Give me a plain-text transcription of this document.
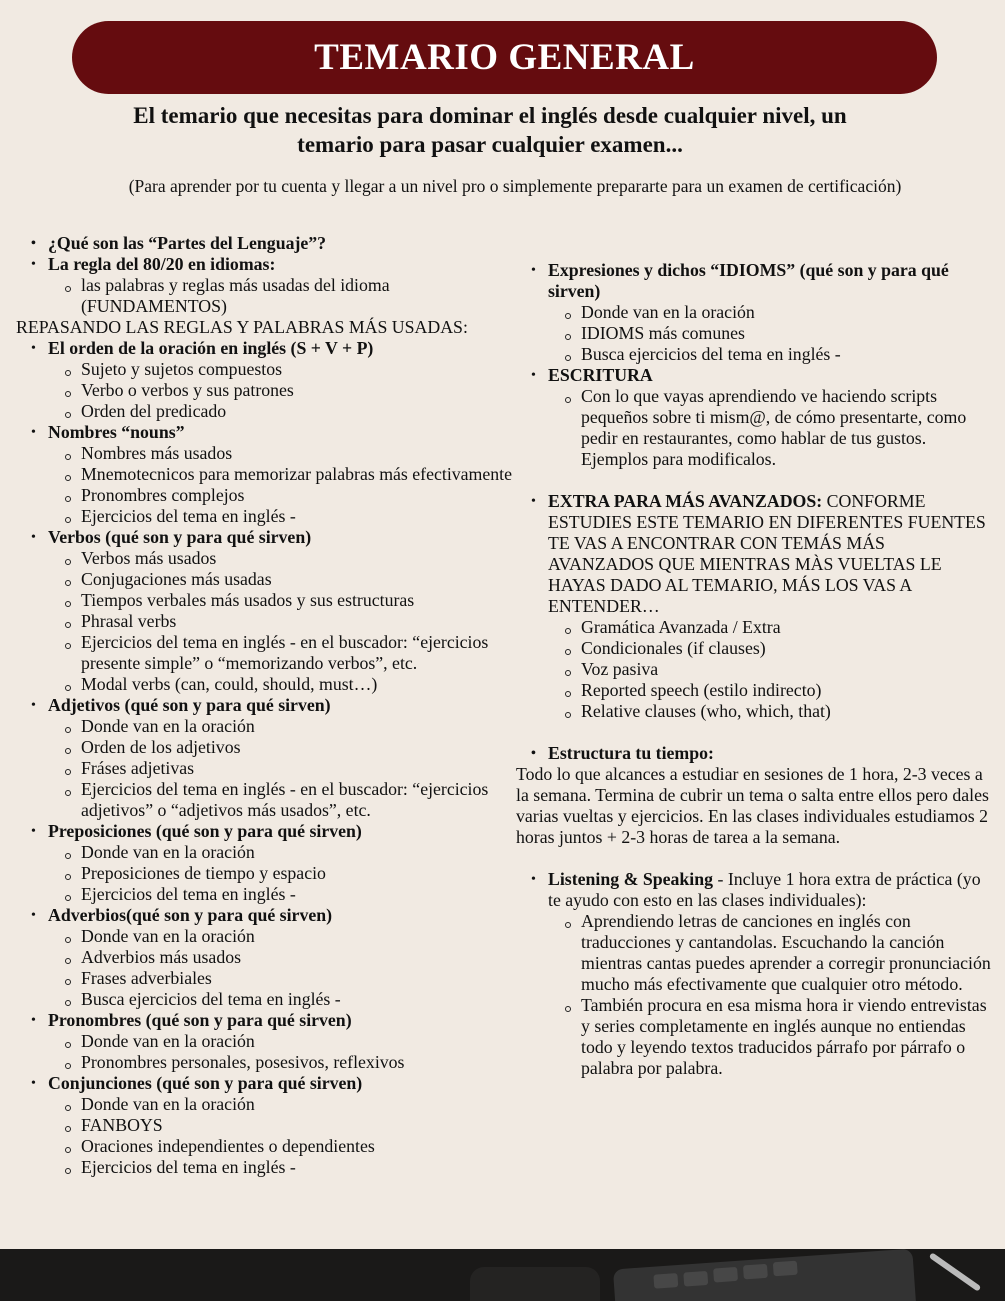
TEMARIO GENERAL
El temario que necesitas para dominar el inglés desde cualquier nivel, un
temario para pasar cualquier examen...
(Para aprender por tu cuenta y llegar a un nivel pro o simplemente prepararte para un examen de certificación)
• ¿Qué son las “Partes del Lenguaje”?
• La regla del 80/20 en idiomas:
las palabras y reglas más usadas del idioma (FUNDAMENTOS)
REPASANDO LAS REGLAS Y PALABRAS MÁS USADAS:
• El orden de la oración en inglés (S + V + P)
Sujeto y sujetos compuestos
Verbo o verbos y sus patrones
Orden del predicado
• Nombres “nouns”
Nombres más usados
Mnemotecnicos para memorizar palabras más efectivamente
Pronombres complejos
Ejercicios del tema en inglés -
• Verbos (qué son y para qué sirven)
Verbos más usados
Conjugaciones más usadas
Tiempos verbales más usados y sus estructuras
Phrasal verbs
Ejercicios del tema en inglés - en el buscador: “ejercicios presente simple” o “memorizando verbos”, etc.
Modal verbs (can, could, should, must…)
• Adjetivos (qué son y para qué sirven)
Donde van en la oración
Orden de los adjetivos
Fráses adjetivas
Ejercicios del tema en inglés - en el buscador: “ejercicios adjetivos” o “adjetivos más usados”, etc.
• Preposiciones (qué son y para qué sirven)
Donde van en la oración
Preposiciones de tiempo y espacio
Ejercicios del tema en inglés -
• Adverbios(qué son y para qué sirven)
Donde van en la oración
Adverbios más usados
Frases adverbiales
Busca ejercicios del tema en inglés -
• Pronombres (qué son y para qué sirven)
Donde van en la oración
Pronombres personales, posesivos, reflexivos
• Conjunciones (qué son y para qué sirven)
Donde van en la oración
FANBOYS
Oraciones independientes o dependientes
Ejercicios del tema en inglés -
• Expresiones y dichos “IDIOMS” (qué son y para qué sirven)
Donde van en la oración
IDIOMS más comunes
Busca ejercicios del tema en inglés -
• ESCRITURA
Con lo que vayas aprendiendo ve haciendo scripts pequeños sobre ti mism@, de cómo presentarte, como pedir en restaurantes, como hablar de tus gustos. Ejemplos para modificalos.
• EXTRA PARA MÁS AVANZADOS: CONFORME ESTUDIES ESTE TEMARIO EN DIFERENTES FUENTES TE VAS A ENCONTRAR CON TEMÁS MÁS AVANZADOS QUE MIENTRAS MÀS VUELTAS LE HAYAS DADO AL TEMARIO, MÁS LOS VAS A ENTENDER…
Gramática Avanzada / Extra
Condicionales (if clauses)
Voz pasiva
Reported speech (estilo indirecto)
Relative clauses (who, which, that)
• Estructura tu tiempo:
Todo lo que alcances a estudiar en sesiones de 1 hora, 2-3 veces a la semana. Termina de cubrir un tema o salta entre ellos pero dales varias vueltas y ejercicios. En las clases individuales estudiamos 2 horas juntos + 2-3 horas de tarea a la semana.
• Listening & Speaking - Incluye 1 hora extra de práctica (yo te ayudo con esto en las clases individuales):
Aprendiendo letras de canciones en inglés con traducciones y cantandolas. Escuchando la canción mientras cantas puedes aprender a corregir pronunciación mucho más efectivamente que cualquier otro método.
También procura en esa misma hora ir viendo entrevistas y series completamente en inglés aunque no entiendas todo y leyendo textos traducidos párrafo por párrafo o palabra por palabra.
